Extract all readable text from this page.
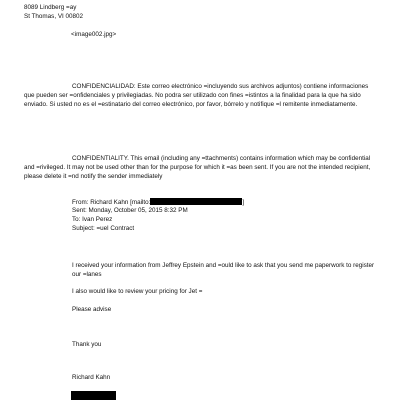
8089 Lindberg =ay

St Thomas, VI 00802

<image002.jpg>

CONFIDENCIALIDAD: Este correo electrónico =incluyendo sus archivos adjuntos) contiene informaciones que pueden ser =onfidenciales y privilegiadas. No podra ser utilizado con fines =istintos a la finalidad para la que ha sido enviado. Si usted no es el =estinatario del correo electrónico, por favor, bórrelo y notifique =l remitente inmediatamente.

CONFIDENTIALITY. This email (including any =ttachments) contains information which may be confidential and =rivileged. It may not be used other than for the purpose for which it =as been sent. If you are not the intended recipient, please delete it =nd notify the sender immediately

From: Richard Kahn [mailto:	]

Sent: Monday, October 05, 2015 8:32 PM

To: Ivan Perez

Subject: =uel Contract

I received your information from Jeffrey Epstein and =ould like to ask that you send me paperwork to register our =lanes

I also would like to review your pricing for Jet =

Please advise

Thank you

Richard Kahn
